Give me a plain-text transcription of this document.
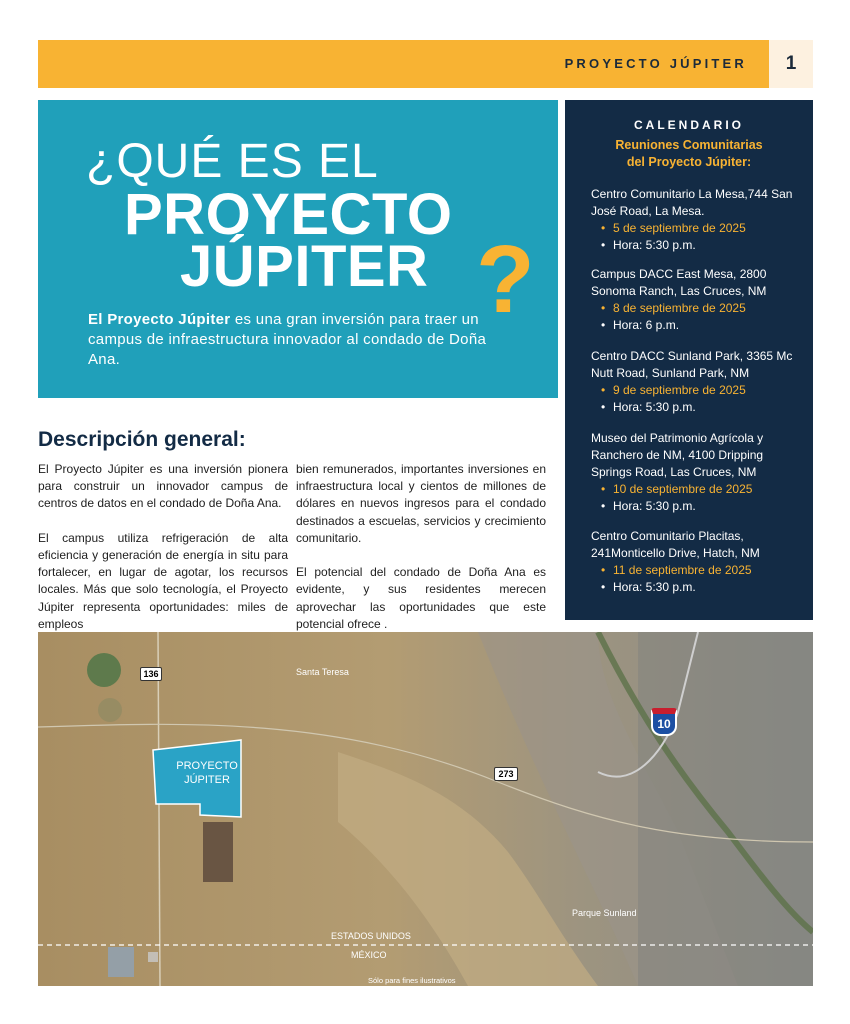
PROYECTO JÚPITER	1
¿QUÉ ES EL
PROYECTO
JÚPITER ?

El Proyecto Júpiter es una gran inversión para traer un campus de infraestructura innovador al condado de Doña Ana.

CALENDARIO
Reuniones Comunitarias
del Proyecto Júpiter:
Centro Comunitario La Mesa,744 San José Road, La Mesa.
• 5 de septiembre de 2025
• Hora: 5:30 p.m.
Campus DACC East Mesa, 2800 Sonoma Ranch, Las Cruces, NM
• 8 de septiembre de 2025
• Hora: 6 p.m.
Centro DACC Sunland Park, 3365 Mc Nutt Road, Sunland Park, NM
• 9 de septiembre de 2025
• Hora: 5:30 p.m.
Museo del Patrimonio Agrícola y Ranchero de NM, 4100 Dripping Springs Road, Las Cruces, NM
• 10 de septiembre de 2025
• Hora: 5:30 p.m.
Centro Comunitario Placitas, 241Monticello Drive, Hatch, NM
• 11 de septiembre de 2025
• Hora: 5:30 p.m.
Descripción general:

El Proyecto Júpiter es una inversión pionera para construir un innovador campus de centros de datos en el condado de Doña Ana.

El campus utiliza refrigeración de alta eficiencia y generación de energía in situ para fortalecer, en lugar de agotar, los recursos locales. Más que solo tecnología, el Proyecto Júpiter representa oportunidades: miles de empleos

bien remunerados, importantes inversiones en infraestructura local y cientos de millones de dólares en nuevos ingresos para el condado destinados a escuelas, servicios y crecimiento comunitario.

El potencial del condado de Doña Ana es evidente, y sus residentes merecen aprovechar las oportunidades que este potencial ofrece .

PROYECTO
JÚPITER
Santa Teresa
136
273
10
Parque Sunland
ESTADOS UNIDOS
MÉXICO
Sólo para fines ilustrativos
